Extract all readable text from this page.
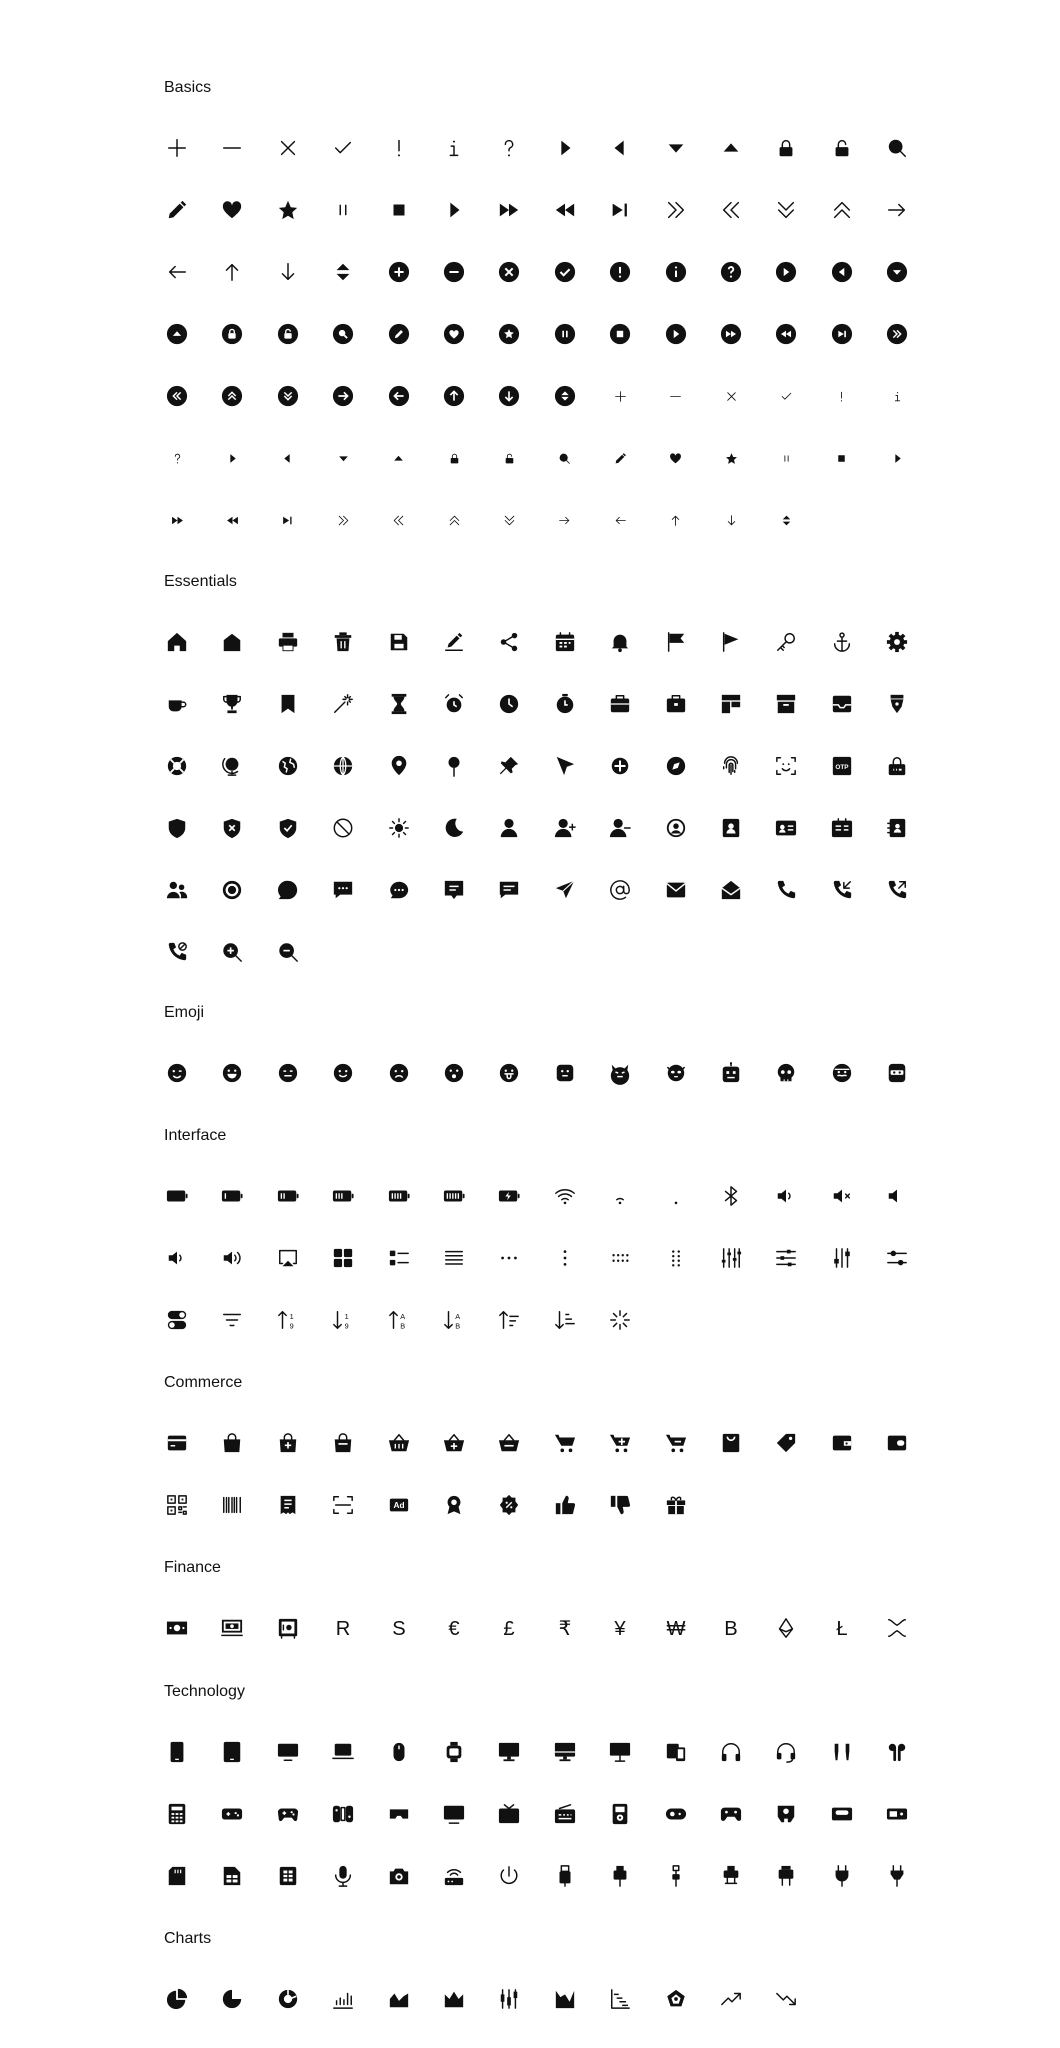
Basics
Essentials
OTP
Emoji
Interface
1
9
1
9
A
B
A
B
Commerce
Ad
Finance
R S € £ ₹ ¥ ₩ B	Ł
Technology
Charts
